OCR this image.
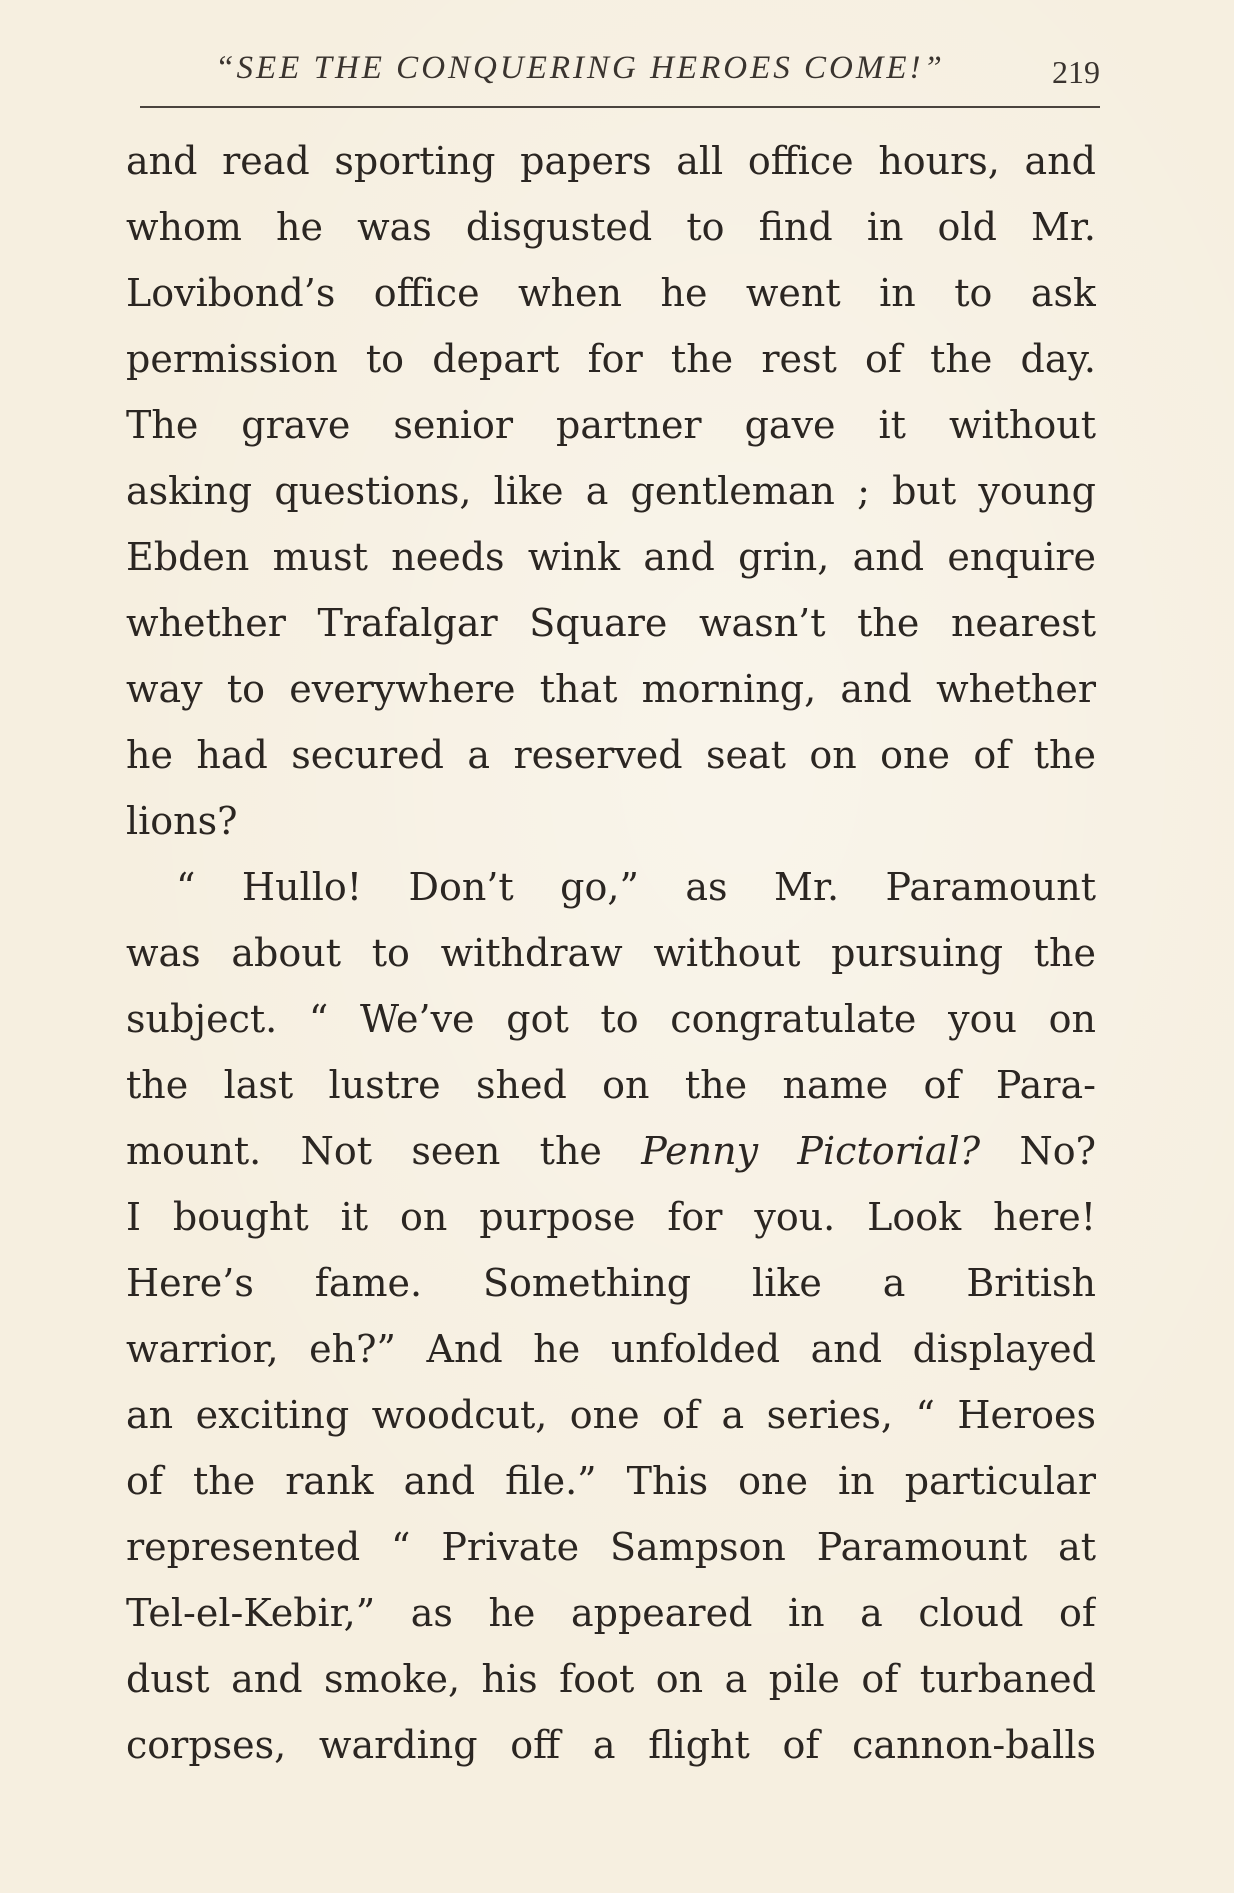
“SEE THE CONQUERING HEROES COME!”	219
and read sporting papers all office hours, and
whom he was disgusted to find in old Mr.
Lovibond’s office when he went in to ask
permission to depart for the rest of the day.
The grave senior partner gave it without
asking questions, like a gentleman ; but young
Ebden must needs wink and grin, and enquire
whether Trafalgar Square wasn’t the nearest
way to everywhere that morning, and whether
he had secured a reserved seat on one of the
lions?
“ Hullo! Don’t go,” as Mr. Paramount
was about to withdraw without pursuing the
subject. “ We’ve got to congratulate you on
the last lustre shed on the name of Para-
mount. Not seen the Penny Pictorial? No?
I bought it on purpose for you. Look here!
Here’s fame. Something like a British
warrior, eh?” And he unfolded and displayed
an exciting woodcut, one of a series, “ Heroes
of the rank and file.” This one in particular
represented “ Private Sampson Paramount at
Tel-el-Kebir,” as he appeared in a cloud of
dust and smoke, his foot on a pile of turbaned
corpses, warding off a flight of cannon-balls
